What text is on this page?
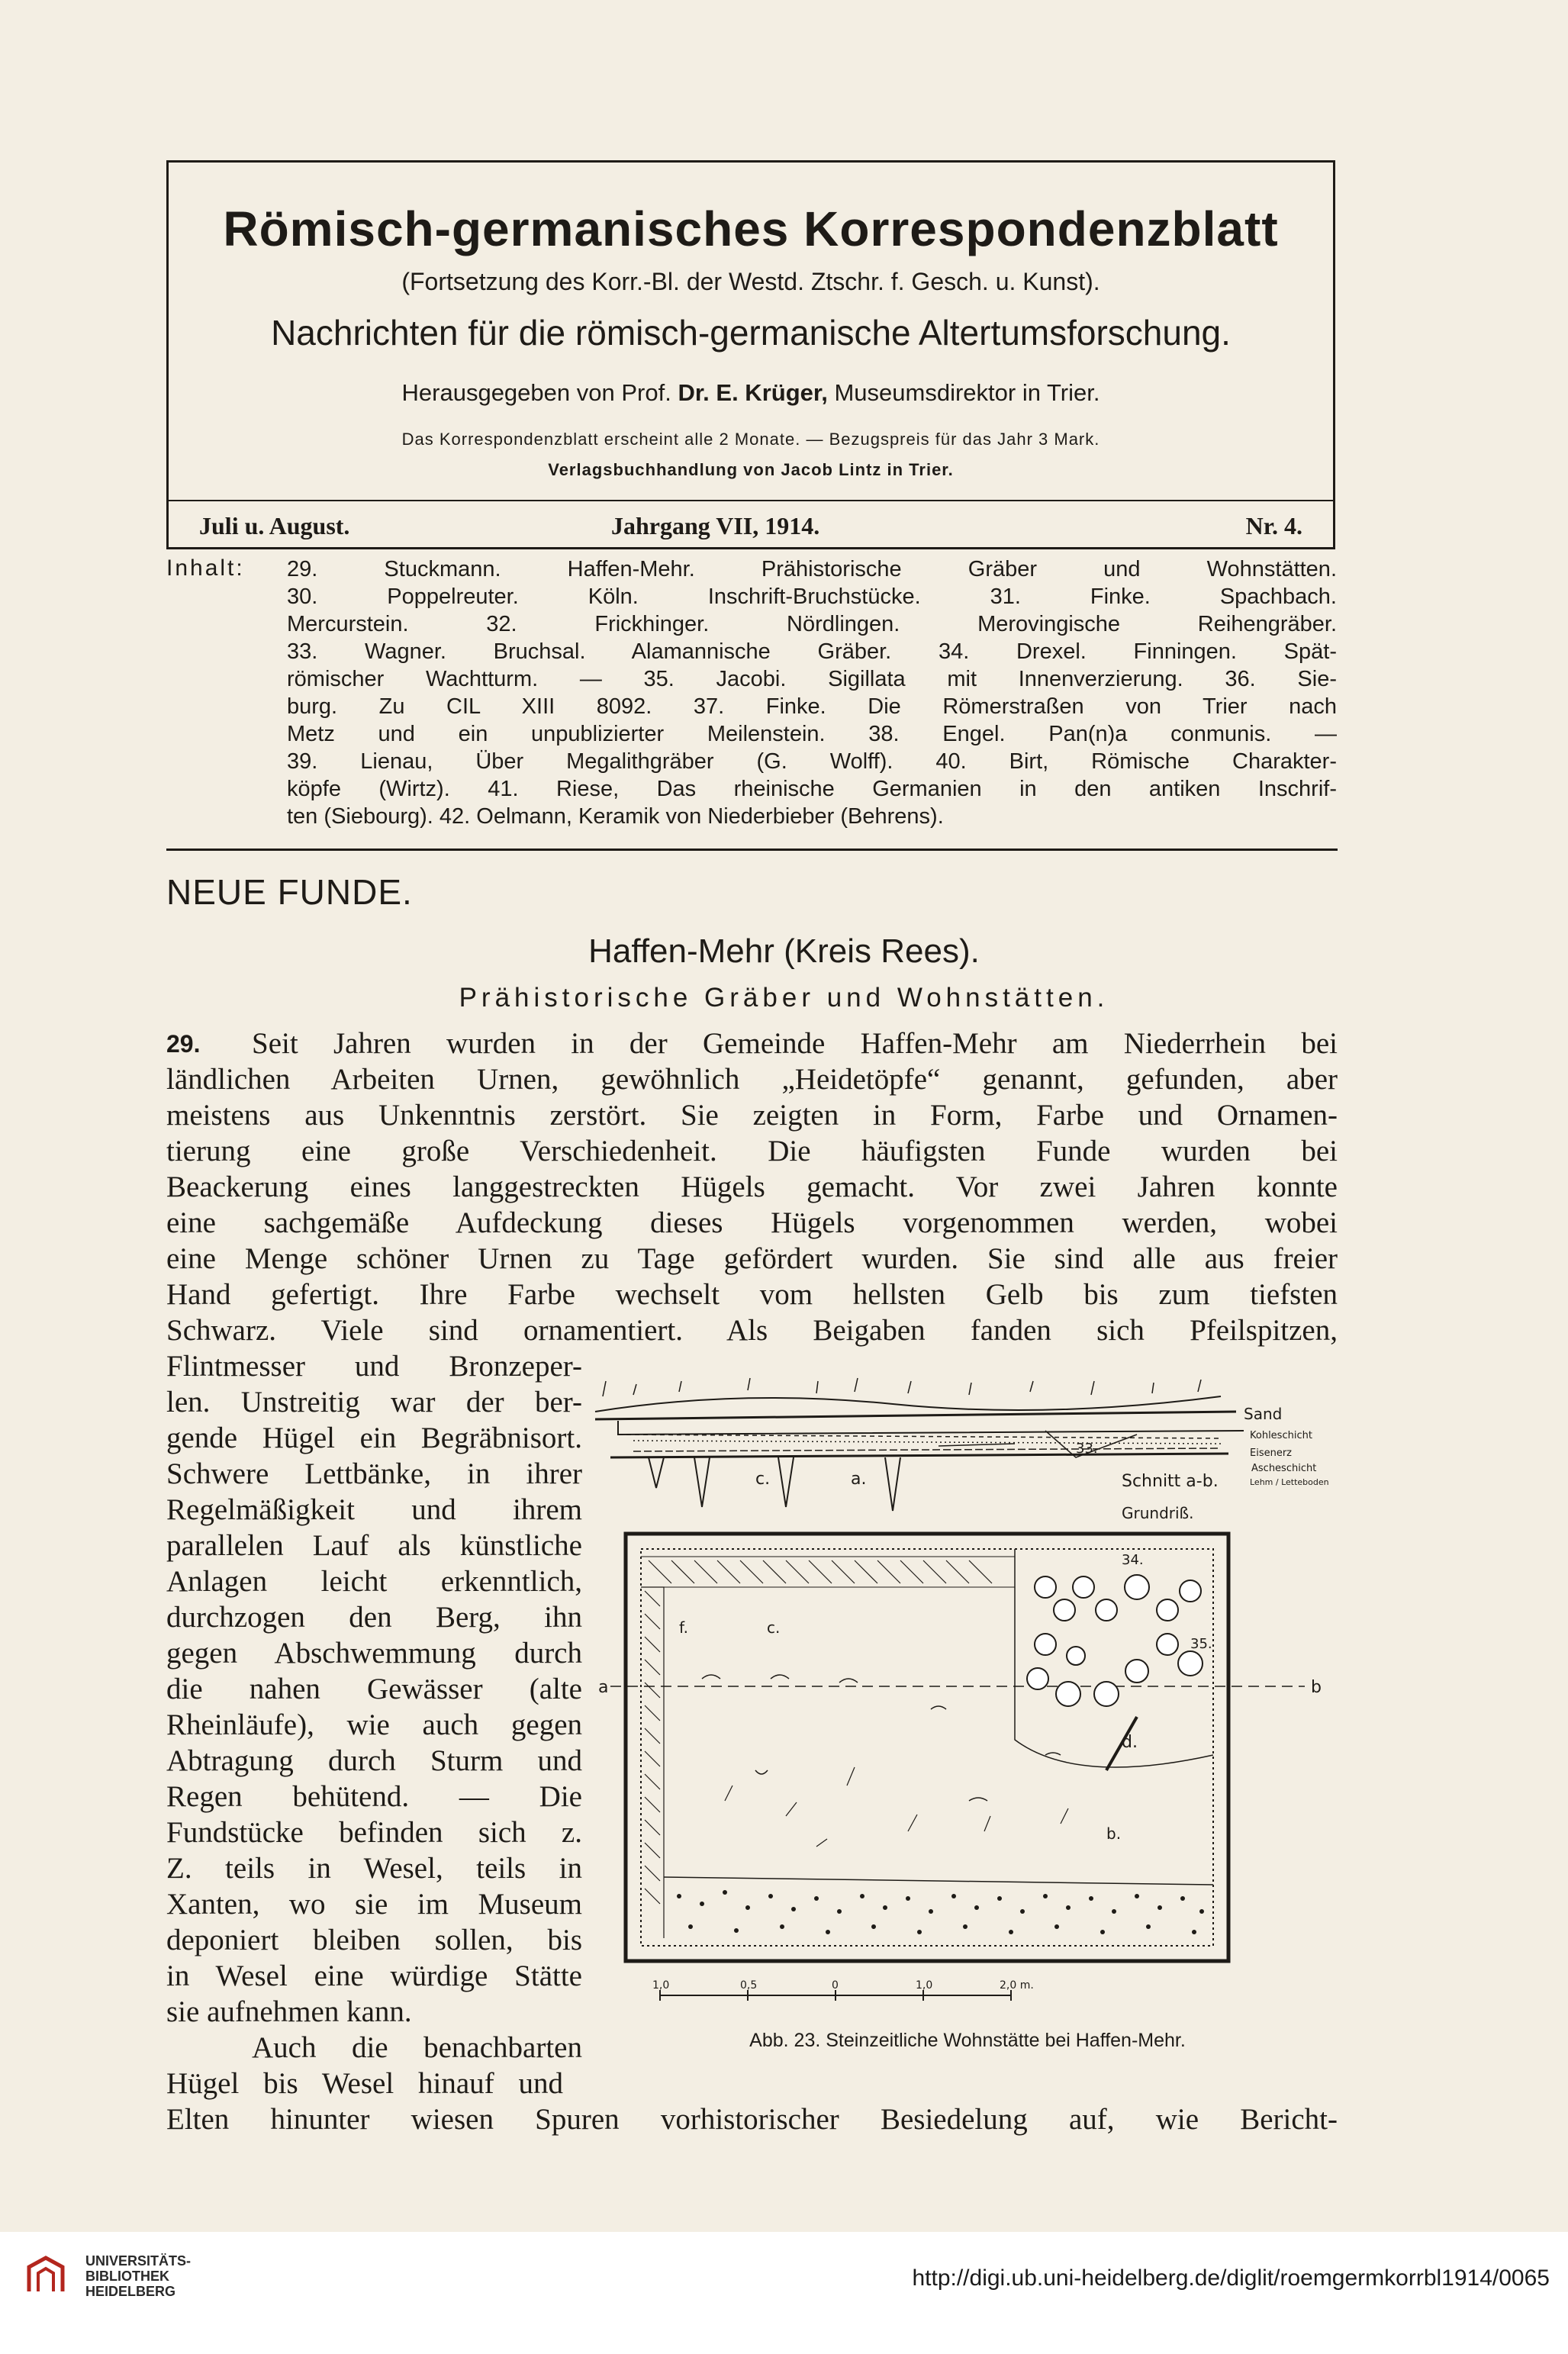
Römisch-germanisches Korrespondenzblatt
(Fortsetzung des Korr.-Bl. der Westd. Ztschr. f. Gesch. u. Kunst).
Nachrichten für die römisch-germanische Altertumsforschung.
Herausgegeben von Prof. Dr. E. Krüger, Museumsdirektor in Trier.
Das Korrespondenzblatt erscheint alle 2 Monate. — Bezugspreis für das Jahr 3 Mark.
Verlagsbuchhandlung von Jacob Lintz in Trier.
Juli u. August.	Jahrgang VII, 1914.	Nr. 4.
Inhalt: 29. Stuckmann. Haffen-Mehr. Prähistorische Gräber und Wohnstätten.
30. Poppelreuter. Köln. Inschrift-Bruchstücke. 31. Finke. Spachbach.
Mercurstein. 32. Frickhinger. Nördlingen. Merovingische Reihengräber.
33. Wagner. Bruchsal. Alamannische Gräber. 34. Drexel. Finningen. Spät-
römischer Wachtturm. — 35. Jacobi. Sigillata mit Innenverzierung. 36. Sie-
burg. Zu CIL XIII 8092. 37. Finke. Die Römerstraßen von Trier nach
Metz und ein unpublizierter Meilenstein. 38. Engel. Pan(n)a conmunis. —
39. Lienau, Über Megalithgräber (G. Wolff). 40. Birt, Römische Charakter-
köpfe (Wirtz). 41. Riese, Das rheinische Germanien in den antiken Inschrif-
ten (Siebourg). 42. Oelmann, Keramik von Niederbieber (Behrens).
NEUE FUNDE.
Haffen-Mehr (Kreis Rees).
Prähistorische Gräber und Wohnstätten.
29. Seit Jahren wurden in der Gemeinde Haffen-Mehr am Niederrhein bei
ländlichen Arbeiten Urnen, gewöhnlich „Heidetöpfe“ genannt, gefunden, aber
meistens aus Unkenntnis zerstört. Sie zeigten in Form, Farbe und Ornamen-
tierung eine große Verschiedenheit. Die häufigsten Funde wurden bei
Beackerung eines langgestreckten Hügels gemacht. Vor zwei Jahren konnte
eine sachgemäße Aufdeckung dieses Hügels vorgenommen werden, wobei
eine Menge schöner Urnen zu Tage gefördert wurden. Sie sind alle aus freier
Hand gefertigt. Ihre Farbe wechselt vom hellsten Gelb bis zum tiefsten
Schwarz. Viele sind ornamentiert. Als Beigaben fanden sich Pfeilspitzen,
Flintmesser und Bronzeper-
len. Unstreitig war der ber-
gende Hügel ein Begräbnisort.
Schwere Lettbänke, in ihrer
Regelmäßigkeit und ihrem
parallelen Lauf als künstliche
Anlagen leicht erkenntlich,
durchzogen den Berg, ihn
gegen Abschwemmung durch
die nahen Gewässer (alte
Rheinläufe), wie auch gegen
Abtragung durch Sturm und
Regen behütend. — Die
Fundstücke befinden sich z.
Z. teils in Wesel, teils in
Xanten, wo sie im Museum
deponiert bleiben sollen, bis
in Wesel eine würdige Stätte
sie aufnehmen kann.
Auch die benachbarten
Hügel bis Wesel hinauf und
Elten hinunter wiesen Spuren vorhistorischer Besiedelung auf, wie Bericht-
Sand
Kohleschicht
Eisenerz
Ascheschicht
Lehm / Letteboden
Schnitt a-b.
Grundriß.
c.	a.
33.
a	b
f.	c.
d.
b.
34.
35.
1,0	0,5	0	1,0	2,0 m.
Abb. 23. Steinzeitliche Wohnstätte bei Haffen-Mehr.
UNIVERSITÄTS-
BIBLIOTHEK
HEIDELBERG
http://digi.ub.uni-heidelberg.de/diglit/roemgermkorrbl1914/0065
